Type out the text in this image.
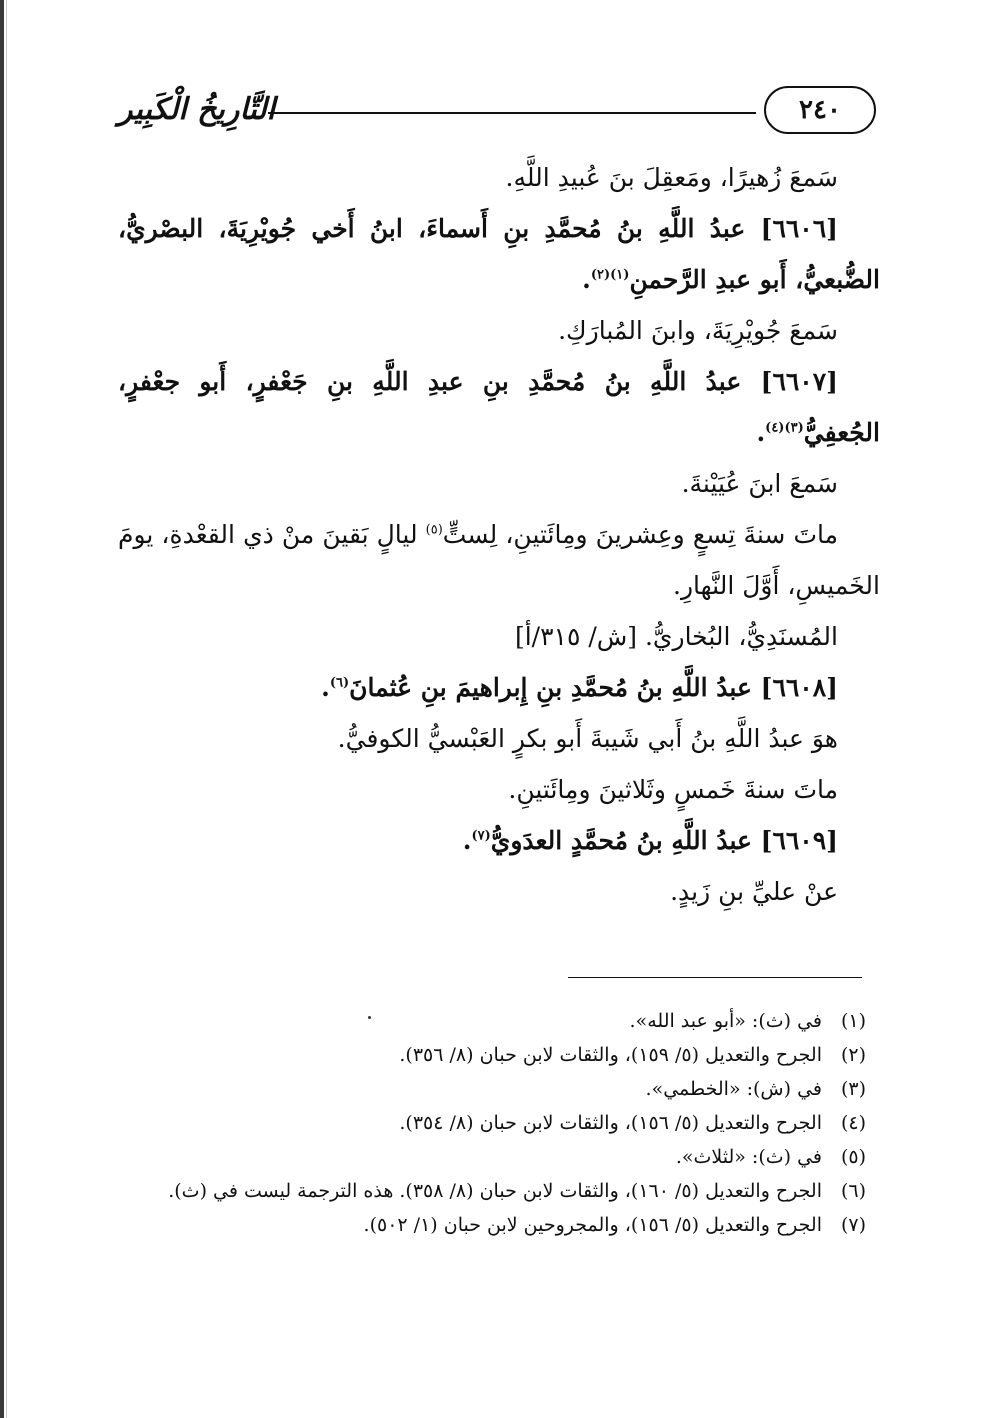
التَّارِيخُ الْكَبِير	٢٤٠
سَمعَ زُهيرًا، ومَعقِلَ بنَ عُبيدِ اللَّهِ.
[٦٦٠٦] عبدُ اللَّهِ بنُ مُحمَّدِ بنِ أَسماءَ، ابنُ أَخي جُويْرِيَةَ، البصْريُّ،
الضُّبعيُّ، أَبو عبدِ الرَّحمنِ$^{(١)(٢)}$.
سَمعَ جُويْرِيَةَ، وابنَ المُبارَكِ.
[٦٦٠٧] عبدُ اللَّهِ بنُ مُحمَّدِ بنِ عبدِ اللَّهِ بنِ جَعْفرٍ، أَبو جعْفرٍ،
الجُعفِيُّ$^{(٣)(٤)}$.
سَمعَ ابنَ عُيَيْنةَ.
ماتَ سنةَ تِسعٍ وعِشرينَ ومِائَتينِ، لِستٍّ$^{(٥)}$ ليالٍ بَقينَ منْ ذي القعْدةِ، يومَ
الخَميسِ، أَوَّلَ النَّهارِ.
المُسنَدِيُّ، البُخاريُّ. [ش/ ٣١٥/أ]
[٦٦٠٨] عبدُ اللَّهِ بنُ مُحمَّدِ بنِ إِبراهيمَ بنِ عُثمانَ$^{(٦)}$.
هوَ عبدُ اللَّهِ بنُ أَبي شَيبةَ أَبو بكرٍ العَبْسيُّ الكوفيُّ.
ماتَ سنةَ خَمسٍ وثَلاثينَ ومِائَتينِ.
[٦٦٠٩] عبدُ اللَّهِ بنُ مُحمَّدٍ العدَويُّ$^{(٧)}$.
عنْ عليِّ بنِ زَيدٍ.
(١)
في (ث): «أبو عبد الله».
(٢)
الجرح والتعديل (٥/ ١٥٩)، والثقات لابن حبان (٨/ ٣٥٦).
(٣)
في (ش): «الخطمي».
(٤)
الجرح والتعديل (٥/ ١٥٦)، والثقات لابن حبان (٨/ ٣٥٤).
(٥)
في (ث): «لثلاث».
(٦)
الجرح والتعديل (٥/ ١٦٠)، والثقات لابن حبان (٨/ ٣٥٨). هذه الترجمة ليست في (ث).
(٧)
الجرح والتعديل (٥/ ١٥٦)، والمجروحين لابن حبان (١/ ٥٠٢).
